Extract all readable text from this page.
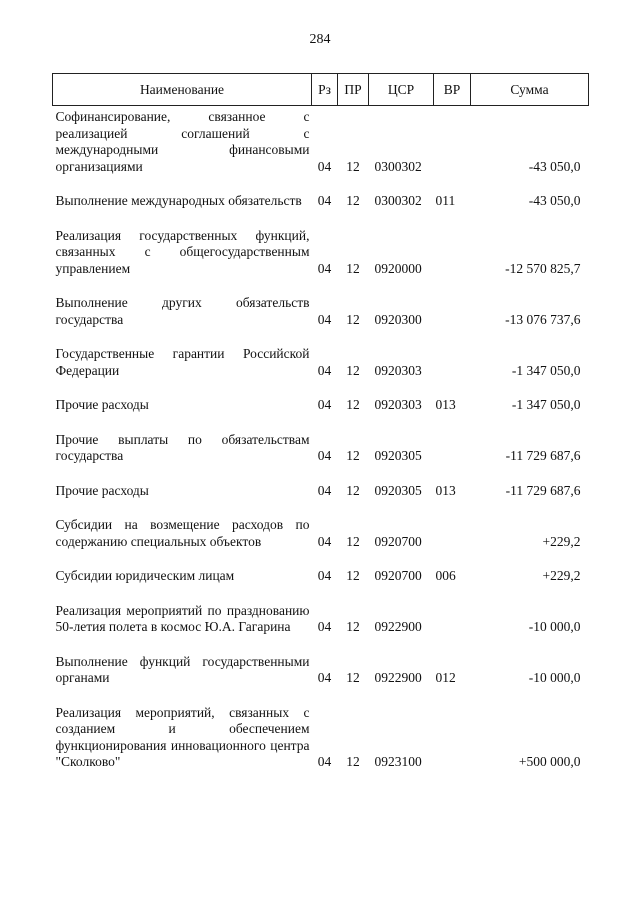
284
Наименование	Рз	ПР	ЦСР	ВР	Сумма
Софинансирование, связанное с реализацией соглашений с международными финансовыми организациями	04	12	0300302		-43 050,0
Выполнение международных обязательств	04	12	0300302	011	-43 050,0
Реализация государственных функций, связанных с общегосударственным управлением	04	12	0920000		-12 570 825,7
Выполнение других обязательств государства	04	12	0920300		-13 076 737,6
Государственные гарантии Российской Федерации	04	12	0920303		-1 347 050,0
Прочие расходы	04	12	0920303	013	-1 347 050,0
Прочие выплаты по обязательствам государства	04	12	0920305		-11 729 687,6
Прочие расходы	04	12	0920305	013	-11 729 687,6
Субсидии на возмещение расходов по содержанию специальных объектов	04	12	0920700		+229,2
Субсидии юридическим лицам	04	12	0920700	006	+229,2
Реализация мероприятий по празднованию 50-летия полета в космос Ю.А. Гагарина	04	12	0922900		-10 000,0
Выполнение функций государственными органами	04	12	0922900	012	-10 000,0
Реализация мероприятий, связанных с созданием и обеспечением функционирования инновационного центра "Сколково"	04	12	0923100		+500 000,0
